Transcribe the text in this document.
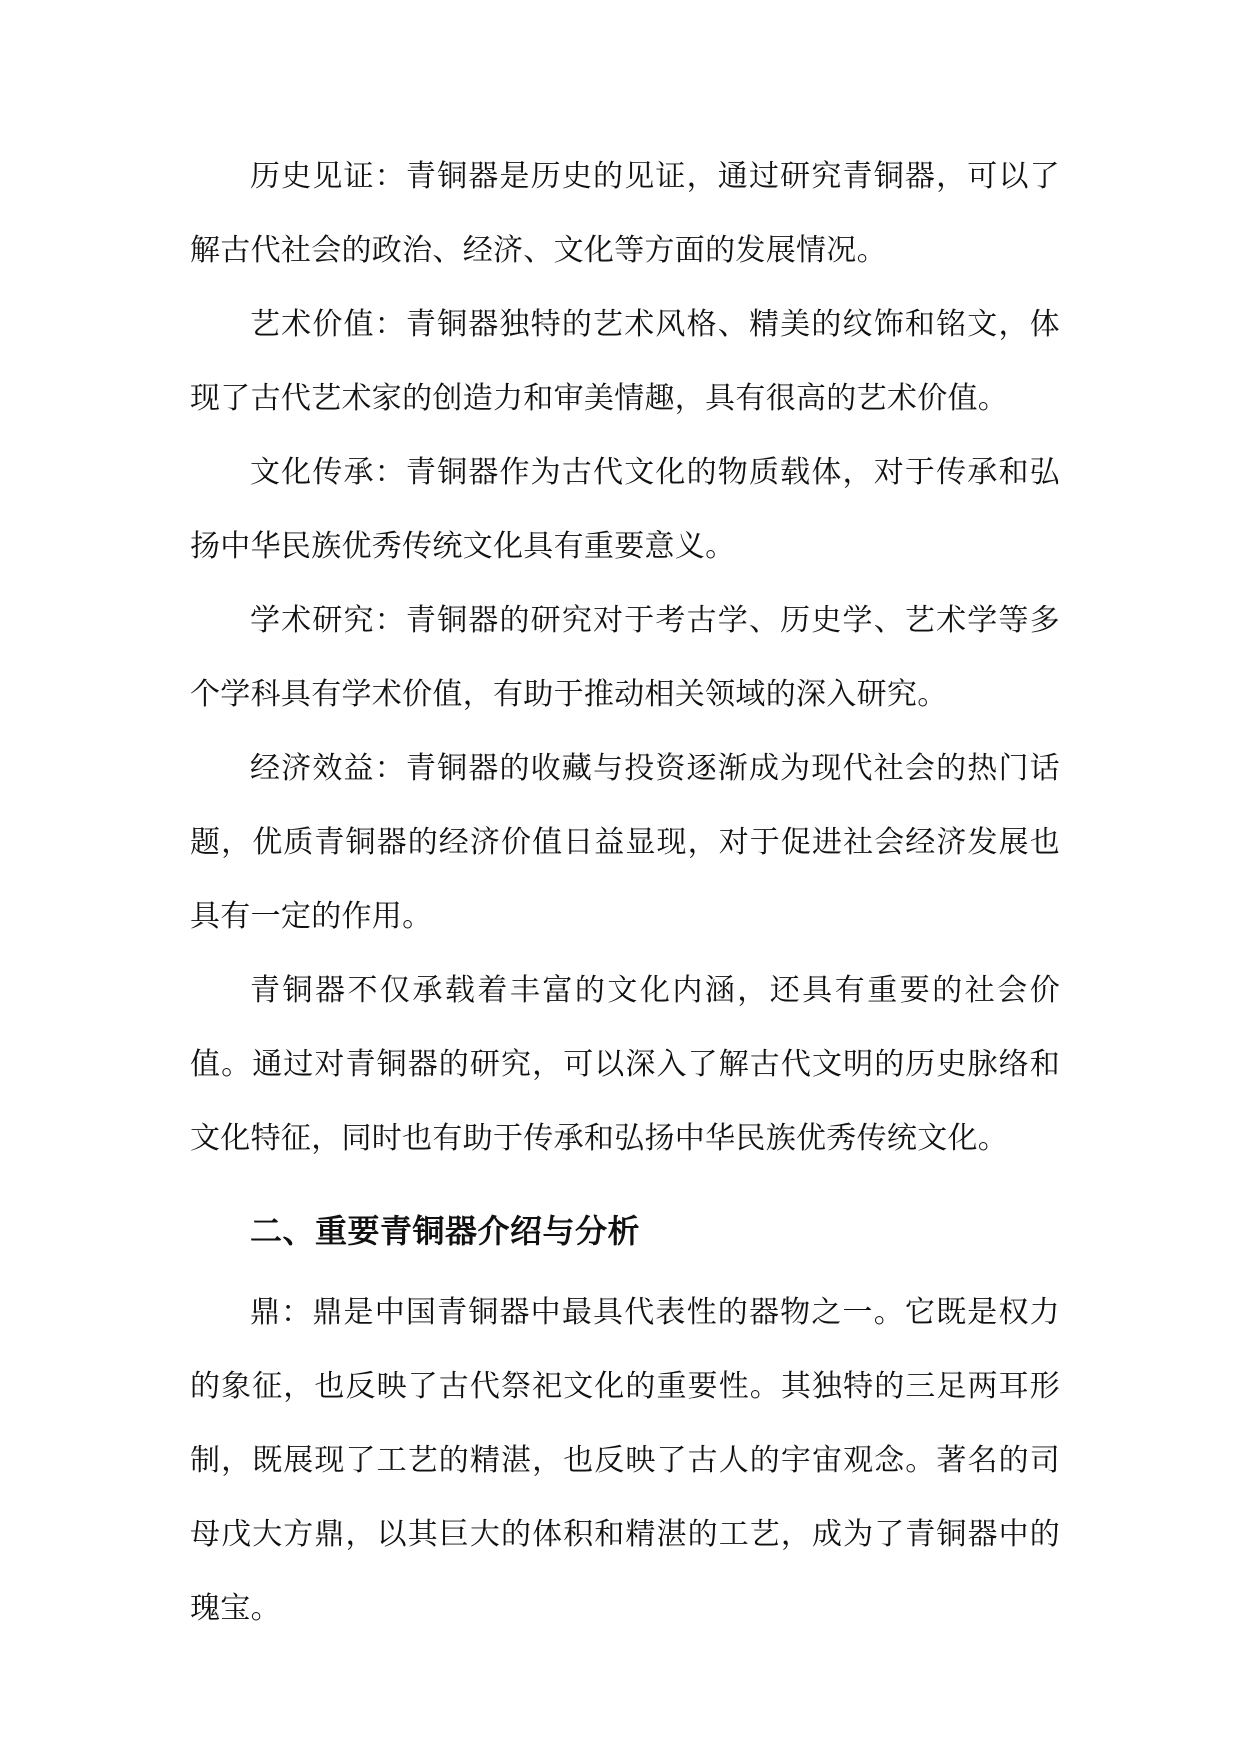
历史见证：青铜器是历史的见证，通过研究青铜器，可以了解古代社会的政治、经济、文化等方面的发展情况。

艺术价值：青铜器独特的艺术风格、精美的纹饰和铭文，体现了古代艺术家的创造力和审美情趣，具有很高的艺术价值。

文化传承：青铜器作为古代文化的物质载体，对于传承和弘扬中华民族优秀传统文化具有重要意义。

学术研究：青铜器的研究对于考古学、历史学、艺术学等多个学科具有学术价值，有助于推动相关领域的深入研究。

经济效益：青铜器的收藏与投资逐渐成为现代社会的热门话题，优质青铜器的经济价值日益显现，对于促进社会经济发展也具有一定的作用。

青铜器不仅承载着丰富的文化内涵，还具有重要的社会价值。通过对青铜器的研究，可以深入了解古代文明的历史脉络和文化特征，同时也有助于传承和弘扬中华民族优秀传统文化。

二、重要青铜器介绍与分析

鼎：鼎是中国青铜器中最具代表性的器物之一。它既是权力的象征，也反映了古代祭祀文化的重要性。其独特的三足两耳形制，既展现了工艺的精湛，也反映了古人的宇宙观念。著名的司母戊大方鼎，以其巨大的体积和精湛的工艺，成为了青铜器中的瑰宝。
